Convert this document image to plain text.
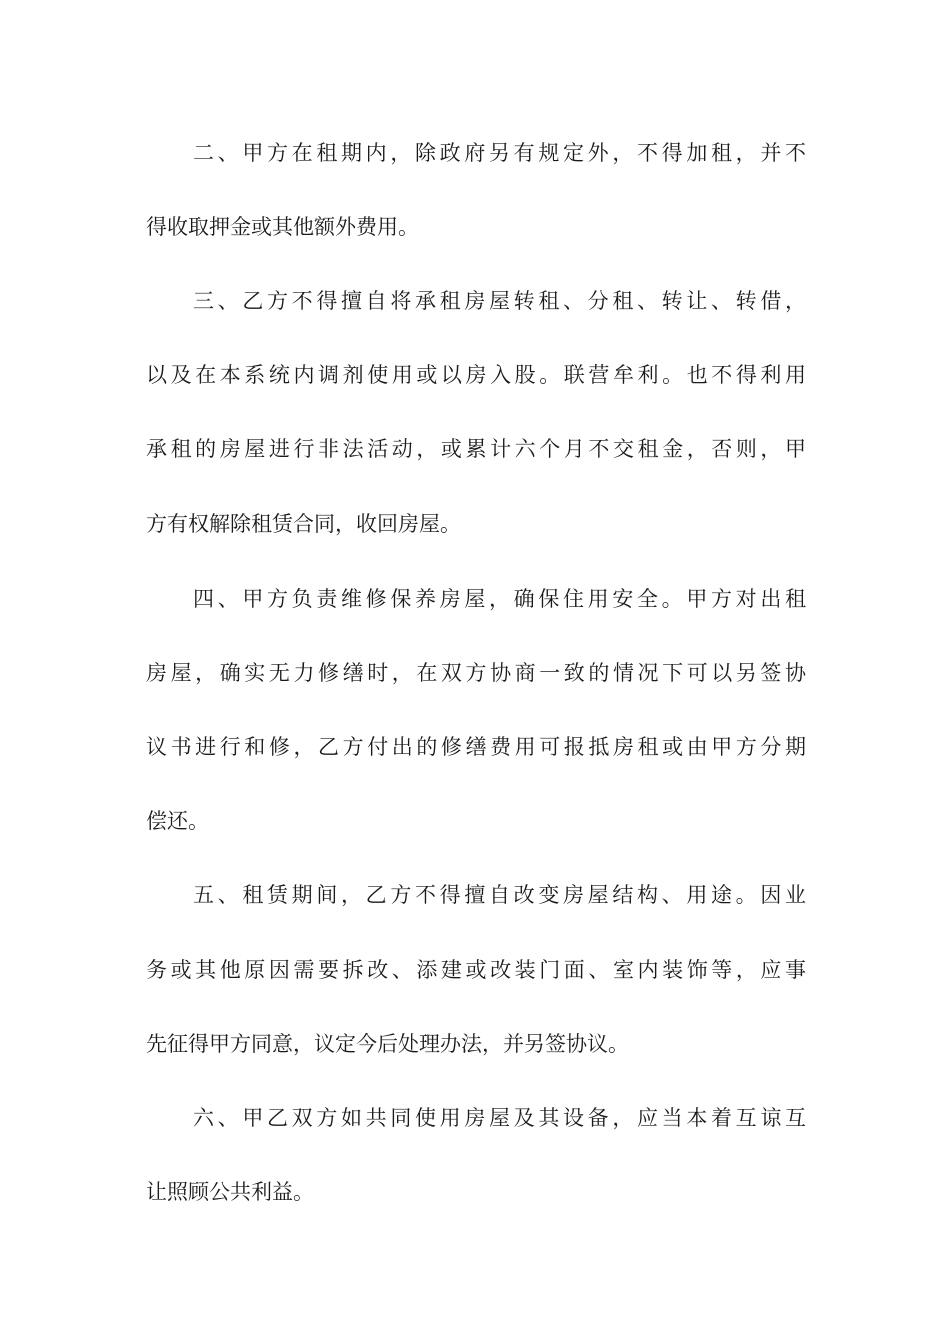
二、甲方在租期内，除政府另有规定外，不得加租，并不
得收取押金或其他额外费用。
三、乙方不得擅自将承租房屋转租、分租、转让、转借，
以及在本系统内调剂使用或以房入股。联营牟利。也不得利用
承租的房屋进行非法活动，或累计六个月不交租金，否则，甲
方有权解除租赁合同，收回房屋。
四、甲方负责维修保养房屋，确保住用安全。甲方对出租
房屋，确实无力修缮时，在双方协商一致的情况下可以另签协
议书进行和修，乙方付出的修缮费用可报抵房租或由甲方分期
偿还。
五、租赁期间，乙方不得擅自改变房屋结构、用途。因业
务或其他原因需要拆改、添建或改装门面、室内装饰等，应事
先征得甲方同意，议定今后处理办法，并另签协议。
六、甲乙双方如共同使用房屋及其设备，应当本着互谅互
让照顾公共利益。
